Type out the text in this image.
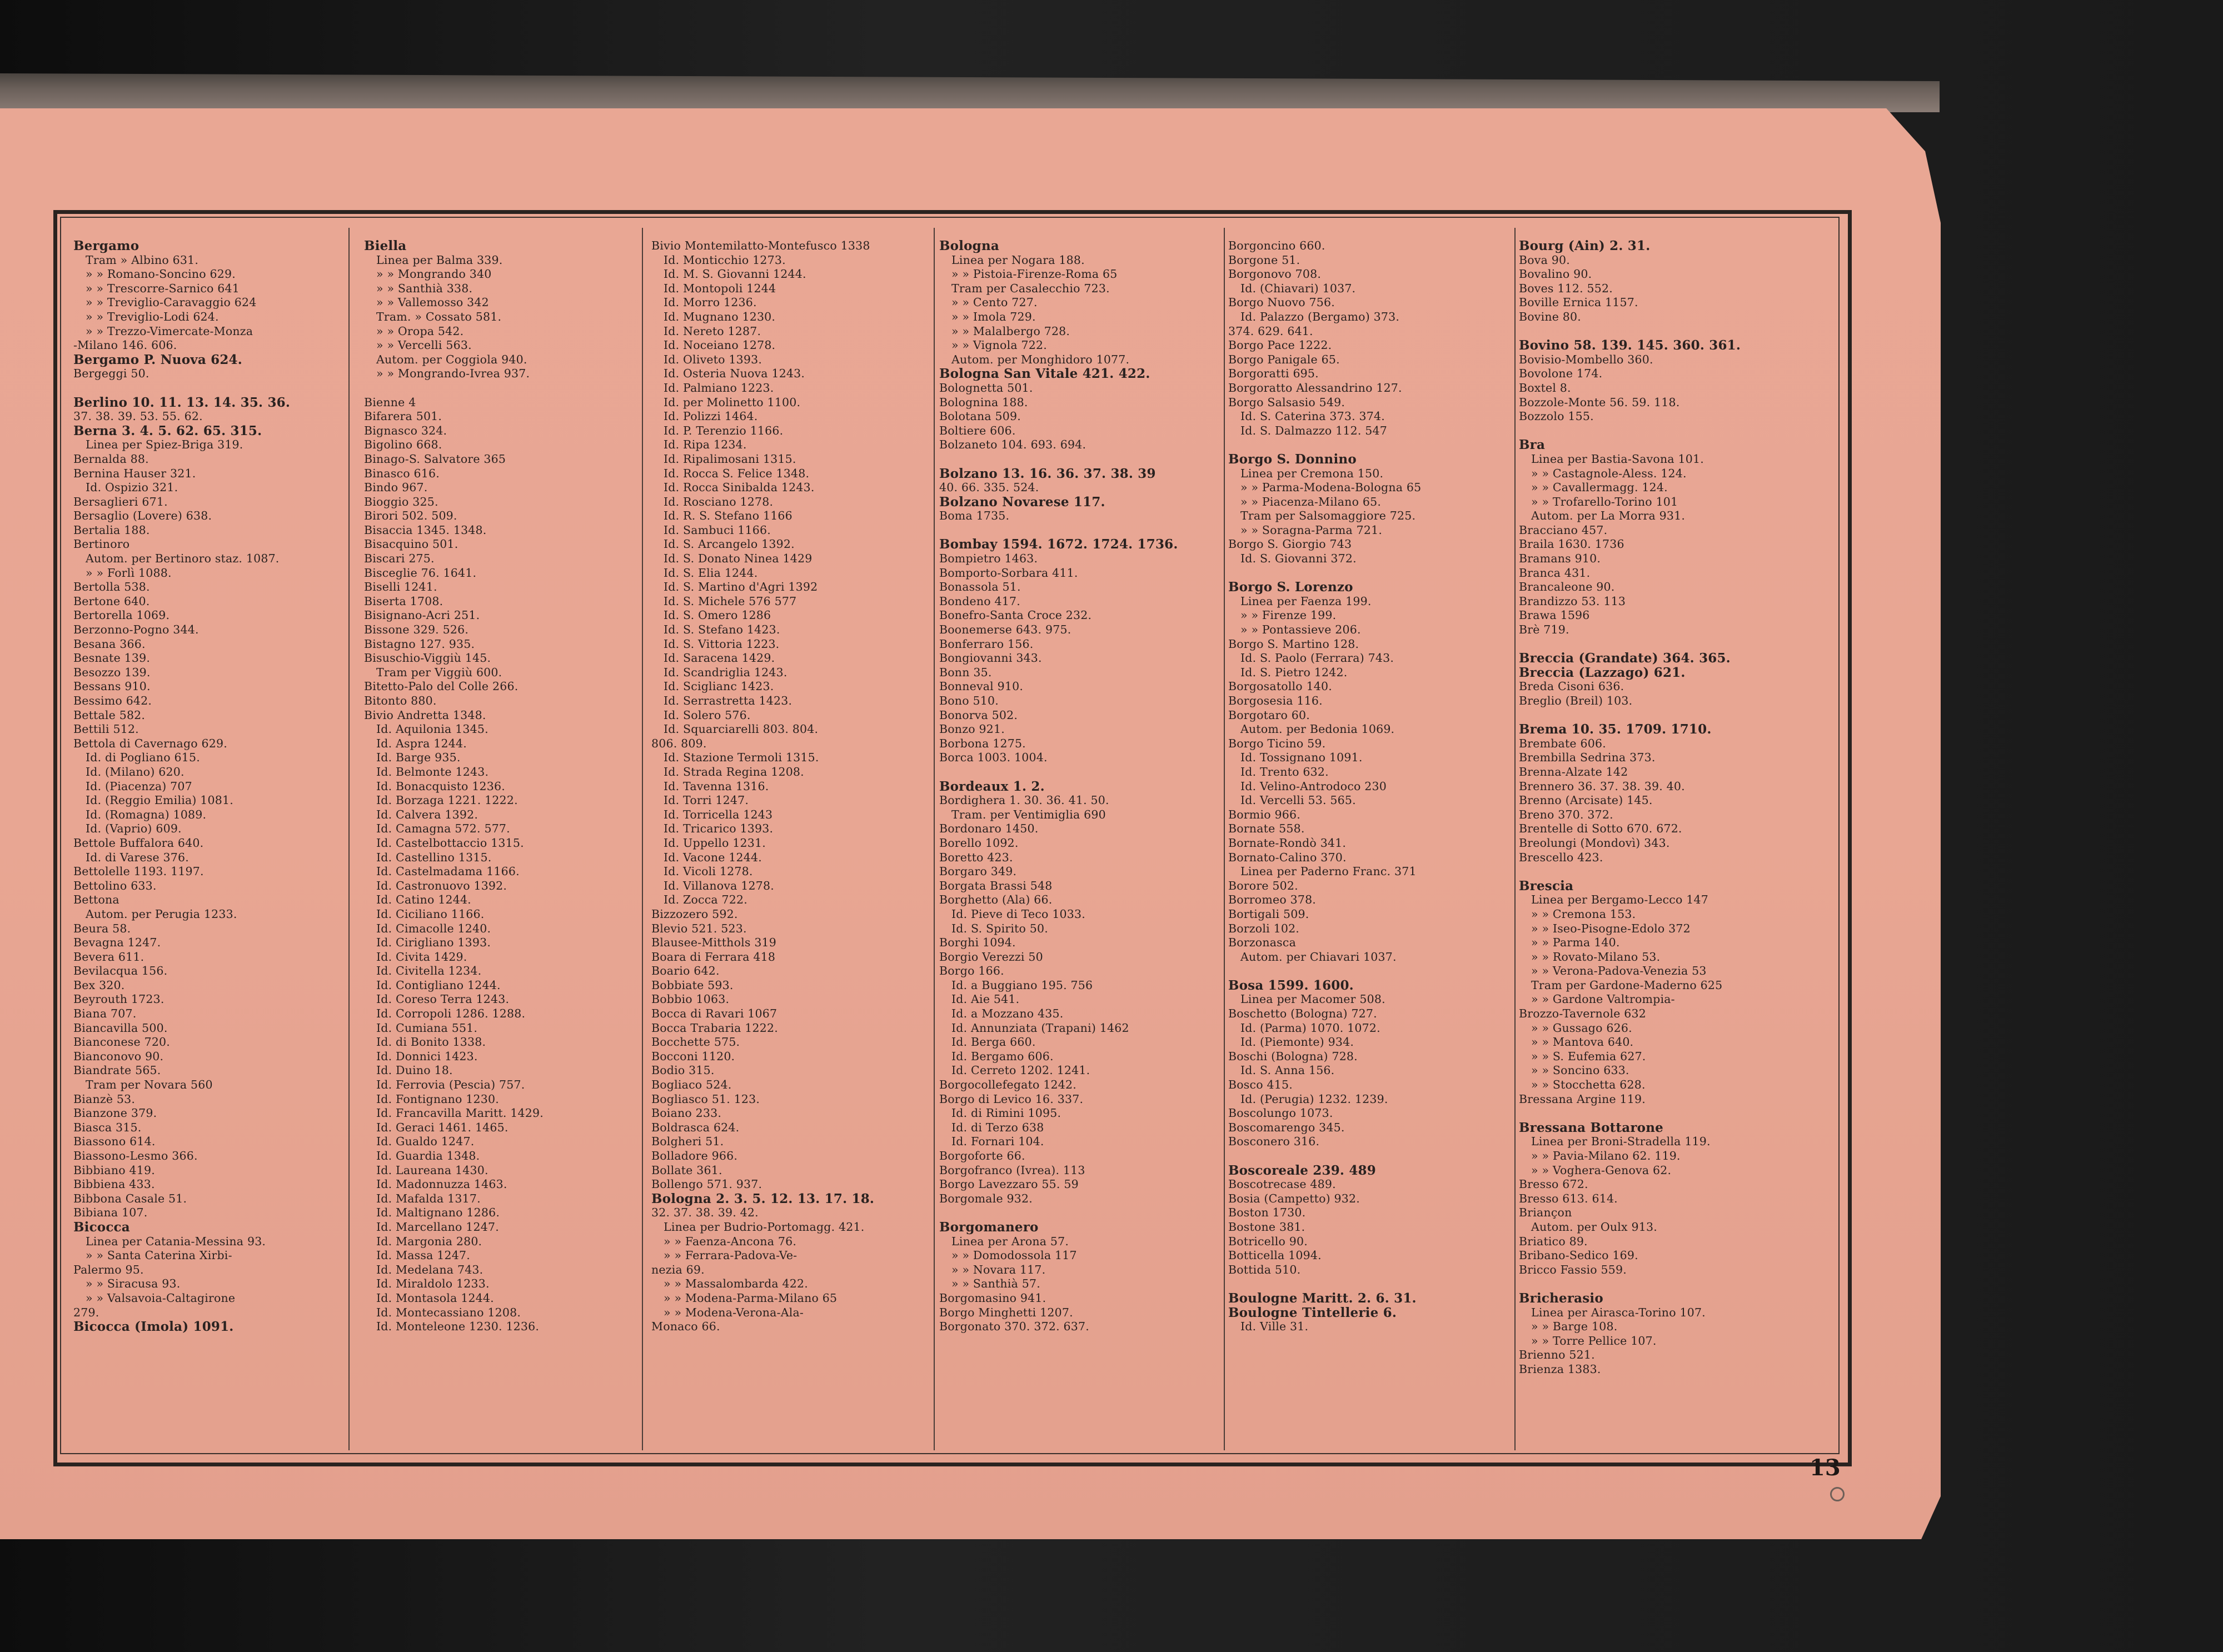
Bergamo
Tram » Albino 631.
» » Romano-Soncino 629.
» » Trescorre-Sarnico 641
» » Treviglio-Caravaggio 624
» » Treviglio-Lodi 624.
» » Trezzo-Vimercate-Monza
-Milano 146. 606.
Bergamo P. Nuova 624.
Bergeggi 50.
Berlino 10. 11. 13. 14. 35. 36.
37. 38. 39. 53. 55. 62.
Berna 3. 4. 5. 62. 65. 315.
Linea per Spiez-Briga 319.
Bernalda 88.
Bernina Hauser 321.
Id. Ospizio 321.
Bersaglieri 671.
Bersaglio (Lovere) 638.
Bertalia 188.
Bertinoro
Autom. per Bertinoro staz. 1087.
» » Forlì 1088.
Bertolla 538.
Bertone 640.
Bertorella 1069.
Berzonno-Pogno 344.
Besana 366.
Besnate 139.
Besozzo 139.
Bessans 910.
Bessimo 642.
Bettale 582.
Bettili 512.
Bettola di Cavernago 629.
Id. di Pogliano 615.
Id. (Milano) 620.
Id. (Piacenza) 707
Id. (Reggio Emilia) 1081.
Id. (Romagna) 1089.
Id. (Vaprio) 609.
Bettole Buffalora 640.
Id. di Varese 376.
Bettolelle 1193. 1197.
Bettolino 633.
Bettona
Autom. per Perugia 1233.
Beura 58.
Bevagna 1247.
Bevera 611.
Bevilacqua 156.
Bex 320.
Beyrouth 1723.
Biana 707.
Biancavilla 500.
Bianconese 720.
Bianconovo 90.
Biandrate 565.
Tram per Novara 560
Bianzè 53.
Bianzone 379.
Biasca 315.
Biassono 614.
Biassono-Lesmo 366.
Bibbiano 419.
Bibbiena 433.
Bibbona Casale 51.
Bibiana 107.
Bicocca
Linea per Catania-Messina 93.
» » Santa Caterina Xirbi-
Palermo 95.
» » Siracusa 93.
» » Valsavoia-Caltagirone
279.
Bicocca (Imola) 1091.
Biella
Linea per Balma 339.
» » Mongrando 340
» » Santhià 338.
» » Vallemosso 342
Tram. » Cossato 581.
» » Oropa 542.
» » Vercelli 563.
Autom. per Coggiola 940.
» » Mongrando-Ivrea 937.
Bienne 4
Bifarera 501.
Bignasco 324.
Bigolino 668.
Binago-S. Salvatore 365
Binasco 616.
Bindo 967.
Bioggio 325.
Birori 502. 509.
Bisaccia 1345. 1348.
Bisacquino 501.
Biscari 275.
Bisceglie 76. 1641.
Biselli 1241.
Biserta 1708.
Bisignano-Acri 251.
Bissone 329. 526.
Bistagno 127. 935.
Bisuschio-Viggiù 145.
Tram per Viggiù 600.
Bitetto-Palo del Colle 266.
Bitonto 880.
Bivio Andretta 1348.
Id. Aquilonia 1345.
Id. Aspra 1244.
Id. Barge 935.
Id. Belmonte 1243.
Id. Bonacquisto 1236.
Id. Borzaga 1221. 1222.
Id. Calvera 1392.
Id. Camagna 572. 577.
Id. Castelbottaccio 1315.
Id. Castellino 1315.
Id. Castelmadama 1166.
Id. Castronuovo 1392.
Id. Catino 1244.
Id. Ciciliano 1166.
Id. Cimacolle 1240.
Id. Cirigliano 1393.
Id. Civita 1429.
Id. Civitella 1234.
Id. Contigliano 1244.
Id. Coreso Terra 1243.
Id. Corropoli 1286. 1288.
Id. Cumiana 551.
Id. di Bonito 1338.
Id. Donnici 1423.
Id. Duino 18.
Id. Ferrovia (Pescia) 757.
Id. Fontignano 1230.
Id. Francavilla Maritt. 1429.
Id. Geraci 1461. 1465.
Id. Gualdo 1247.
Id. Guardia 1348.
Id. Laureana 1430.
Id. Madonnuzza 1463.
Id. Mafalda 1317.
Id. Maltignano 1286.
Id. Marcellano 1247.
Id. Margonia 280.
Id. Massa 1247.
Id. Medelana 743.
Id. Miraldolo 1233.
Id. Montasola 1244.
Id. Montecassiano 1208.
Id. Monteleone 1230. 1236.
Bivio Montemilatto-Montefusco 1338
Id. Monticchio 1273.
Id. M. S. Giovanni 1244.
Id. Montopoli 1244
Id. Morro 1236.
Id. Mugnano 1230.
Id. Nereto 1287.
Id. Noceiano 1278.
Id. Oliveto 1393.
Id. Osteria Nuova 1243.
Id. Palmiano 1223.
Id. per Molinetto 1100.
Id. Polizzi 1464.
Id. P. Terenzio 1166.
Id. Ripa 1234.
Id. Ripalimosani 1315.
Id. Rocca S. Felice 1348.
Id. Rocca Sinibalda 1243.
Id. Rosciano 1278.
Id. R. S. Stefano 1166
Id. Sambuci 1166.
Id. S. Arcangelo 1392.
Id. S. Donato Ninea 1429
Id. S. Elia 1244.
Id. S. Martino d'Agri 1392
Id. S. Michele 576 577
Id. S. Omero 1286
Id. S. Stefano 1423.
Id. S. Vittoria 1223.
Id. Saracena 1429.
Id. Scandriglia 1243.
Id. Sciglianc 1423.
Id. Serrastretta 1423.
Id. Solero 576.
Id. Squarciarelli 803. 804.
806. 809.
Id. Stazione Termoli 1315.
Id. Strada Regina 1208.
Id. Tavenna 1316.
Id. Torri 1247.
Id. Torricella 1243
Id. Tricarico 1393.
Id. Uppello 1231.
Id. Vacone 1244.
Id. Vicoli 1278.
Id. Villanova 1278.
Id. Zocca 722.
Bizzozero 592.
Blevio 521. 523.
Blausee-Mitthols 319
Boara di Ferrara 418
Boario 642.
Bobbiate 593.
Bobbio 1063.
Bocca di Ravari 1067
Bocca Trabaria 1222.
Bocchette 575.
Bocconi 1120.
Bodio 315.
Bogliaco 524.
Bogliasco 51. 123.
Boiano 233.
Boldrasca 624.
Bolgheri 51.
Bolladore 966.
Bollate 361.
Bollengo 571. 937.
Bologna 2. 3. 5. 12. 13. 17. 18.
32. 37. 38. 39. 42.
Linea per Budrio-Portomagg. 421.
» » Faenza-Ancona 76.
» » Ferrara-Padova-Ve-
nezia 69.
» » Massalombarda 422.
» » Modena-Parma-Milano 65
» » Modena-Verona-Ala-
Monaco 66.
Bologna
Linea per Nogara 188.
» » Pistoia-Firenze-Roma 65
Tram per Casalecchio 723.
» » Cento 727.
» » Imola 729.
» » Malalbergo 728.
» » Vignola 722.
Autom. per Monghidoro 1077.
Bologna San Vitale 421. 422.
Bolognetta 501.
Bolognina 188.
Bolotana 509.
Boltiere 606.
Bolzaneto 104. 693. 694.
Bolzano 13. 16. 36. 37. 38. 39
40. 66. 335. 524.
Bolzano Novarese 117.
Boma 1735.
Bombay 1594. 1672. 1724. 1736.
Bompietro 1463.
Bomporto-Sorbara 411.
Bonassola 51.
Bondeno 417.
Bonefro-Santa Croce 232.
Boonemerse 643. 975.
Bonferraro 156.
Bongiovanni 343.
Bonn 35.
Bonneval 910.
Bono 510.
Bonorva 502.
Bonzo 921.
Borbona 1275.
Borca 1003. 1004.
Bordeaux 1. 2.
Bordighera 1. 30. 36. 41. 50.
Tram. per Ventimiglia 690
Bordonaro 1450.
Borello 1092.
Boretto 423.
Borgaro 349.
Borgata Brassi 548
Borghetto (Ala) 66.
Id. Pieve di Teco 1033.
Id. S. Spirito 50.
Borghi 1094.
Borgio Verezzi 50
Borgo 166.
Id. a Buggiano 195. 756
Id. Aie 541.
Id. a Mozzano 435.
Id. Annunziata (Trapani) 1462
Id. Berga 660.
Id. Bergamo 606.
Id. Cerreto 1202. 1241.
Borgocollefegato 1242.
Borgo di Levico 16. 337.
Id. di Rimini 1095.
Id. di Terzo 638
Id. Fornari 104.
Borgoforte 66.
Borgofranco (Ivrea). 113
Borgo Lavezzaro 55. 59
Borgomale 932.
Borgomanero
Linea per Arona 57.
» » Domodossola 117
» » Novara 117.
» » Santhià 57.
Borgomasino 941.
Borgo Minghetti 1207.
Borgonato 370. 372. 637.
Borgoncino 660.
Borgone 51.
Borgonovo 708.
Id. (Chiavari) 1037.
Borgo Nuovo 756.
Id. Palazzo (Bergamo) 373.
374. 629. 641.
Borgo Pace 1222.
Borgo Panigale 65.
Borgoratti 695.
Borgoratto Alessandrino 127.
Borgo Salsasio 549.
Id. S. Caterina 373. 374.
Id. S. Dalmazzo 112. 547
Borgo S. Donnino
Linea per Cremona 150.
» » Parma-Modena-Bologna 65
» » Piacenza-Milano 65.
Tram per Salsomaggiore 725.
» » Soragna-Parma 721.
Borgo S. Giorgio 743
Id. S. Giovanni 372.
Borgo S. Lorenzo
Linea per Faenza 199.
» » Firenze 199.
» » Pontassieve 206.
Borgo S. Martino 128.
Id. S. Paolo (Ferrara) 743.
Id. S. Pietro 1242.
Borgosatollo 140.
Borgosesia 116.
Borgotaro 60.
Autom. per Bedonia 1069.
Borgo Ticino 59.
Id. Tossignano 1091.
Id. Trento 632.
Id. Velino-Antrodoco 230
Id. Vercelli 53. 565.
Bormio 966.
Bornate 558.
Bornate-Rondò 341.
Bornato-Calino 370.
Linea per Paderno Franc. 371
Borore 502.
Borromeo 378.
Bortigali 509.
Borzoli 102.
Borzonasca
Autom. per Chiavari 1037.
Bosa 1599. 1600.
Linea per Macomer 508.
Boschetto (Bologna) 727.
Id. (Parma) 1070. 1072.
Id. (Piemonte) 934.
Boschi (Bologna) 728.
Id. S. Anna 156.
Bosco 415.
Id. (Perugia) 1232. 1239.
Boscolungo 1073.
Boscomarengo 345.
Bosconero 316.
Boscoreale 239. 489
Boscotrecase 489.
Bosia (Campetto) 932.
Boston 1730.
Bostone 381.
Botricello 90.
Botticella 1094.
Bottida 510.
Boulogne Maritt. 2. 6. 31.
Boulogne Tintellerie 6.
Id. Ville 31.
Bourg (Ain) 2. 31.
Bova 90.
Bovalino 90.
Boves 112. 552.
Boville Ernica 1157.
Bovine 80.
Bovino 58. 139. 145. 360. 361.
Bovisio-Mombello 360.
Bovolone 174.
Boxtel 8.
Bozzole-Monte 56. 59. 118.
Bozzolo 155.
Bra
Linea per Bastia-Savona 101.
» » Castagnole-Aless. 124.
» » Cavallermagg. 124.
» » Trofarello-Torino 101
Autom. per La Morra 931.
Bracciano 457.
Braila 1630. 1736
Bramans 910.
Branca 431.
Brancaleone 90.
Brandizzo 53. 113
Brawa 1596
Brè 719.
Breccia (Grandate) 364. 365.
Breccia (Lazzago) 621.
Breda Cisoni 636.
Breglio (Breil) 103.
Brema 10. 35. 1709. 1710.
Brembate 606.
Brembilla Sedrina 373.
Brenna-Alzate 142
Brennero 36. 37. 38. 39. 40.
Brenno (Arcisate) 145.
Breno 370. 372.
Brentelle di Sotto 670. 672.
Breolungi (Mondovì) 343.
Brescello 423.
Brescia
Linea per Bergamo-Lecco 147
» » Cremona 153.
» » Iseo-Pisogne-Edolo 372
» » Parma 140.
» » Rovato-Milano 53.
» » Verona-Padova-Venezia 53
Tram per Gardone-Maderno 625
» » Gardone Valtrompia-
Brozzo-Tavernole 632
» » Gussago 626.
» » Mantova 640.
» » S. Eufemia 627.
» » Soncino 633.
» » Stocchetta 628.
Bressana Argine 119.
Bressana Bottarone
Linea per Broni-Stradella 119.
» » Pavia-Milano 62. 119.
» » Voghera-Genova 62.
Bresso 672.
Bresso 613. 614.
Briançon
Autom. per Oulx 913.
Briatico 89.
Bribano-Sedico 169.
Bricco Fassio 559.
Bricherasio
Linea per Airasca-Torino 107.
» » Barge 108.
» » Torre Pellice 107.
Brienno 521.
Brienza 1383.
13
